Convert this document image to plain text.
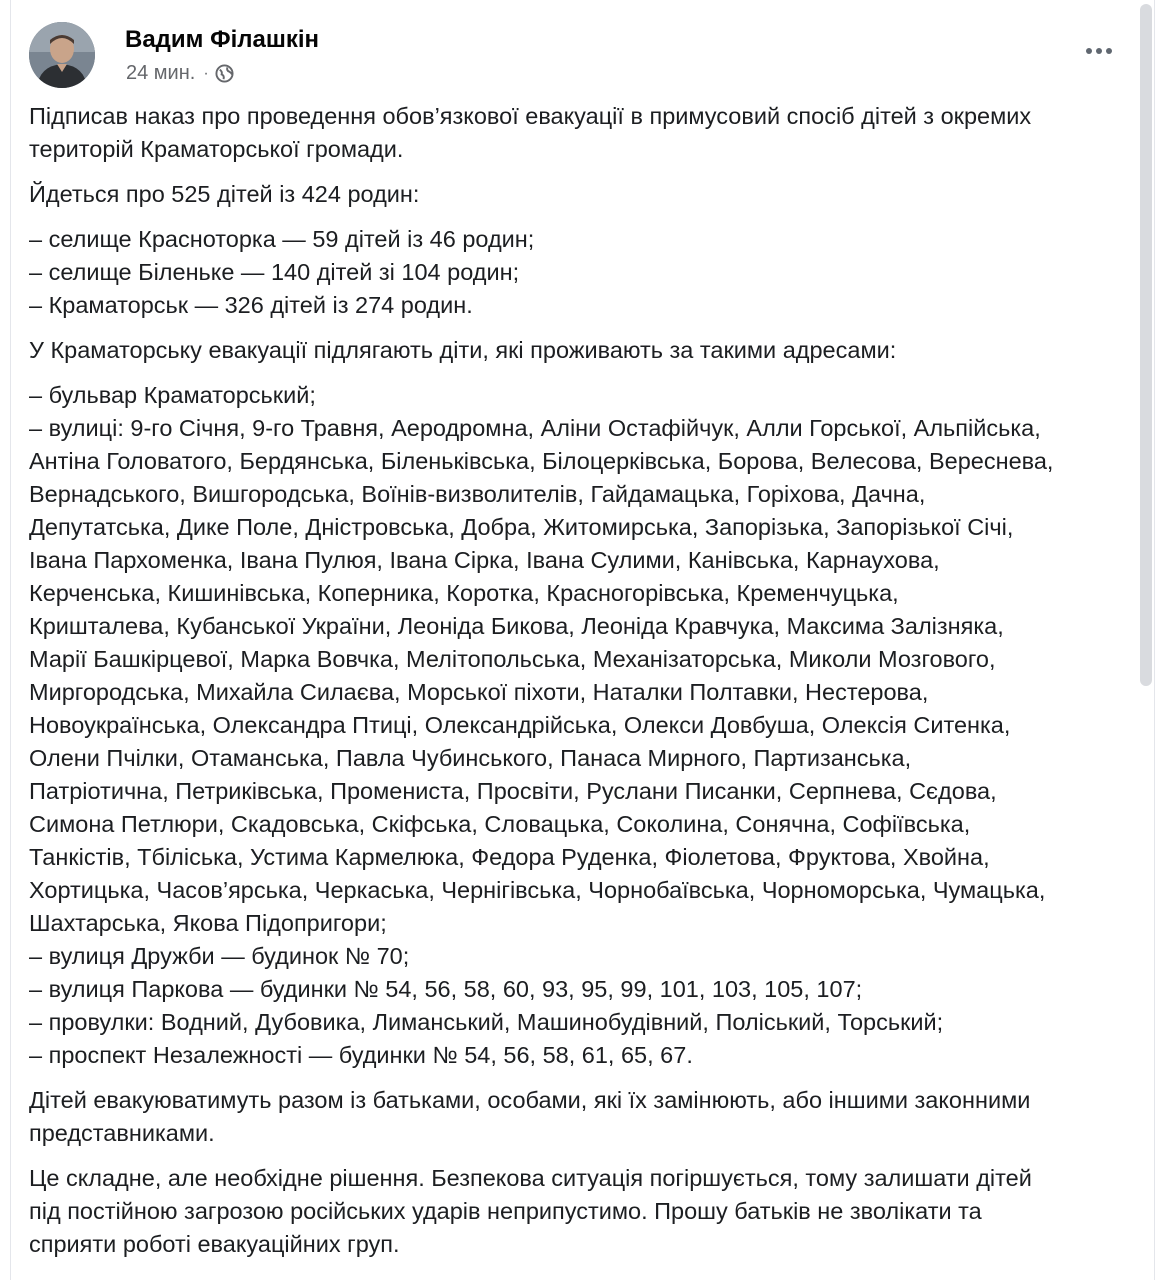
Вадим Філашкін
24 мин. ·
Підписав наказ про проведення обов’язкової евакуації в примусовий спосіб дітей з окремих територій Краматорської громади.
Йдеться про 525 дітей із 424 родин:
– селище Красноторка — 59 дітей із 46 родин;
– селище Біленьке — 140 дітей зі 104 родин;
– Краматорськ — 326 дітей із 274 родин.
У Краматорську евакуації підлягають діти, які проживають за такими адресами:
– бульвар Краматорський;
– вулиці: 9-го Січня, 9-го Травня, Аеродромна, Аліни Остафійчук, Алли Горської, Альпійська,
Антіна Головатого, Бердянська, Біленьківська, Білоцерківська, Борова, Велесова, Вереснева,
Вернадського, Вишгородська, Воїнів-визволителів, Гайдамацька, Горіхова, Дачна,
Депутатська, Дике Поле, Дністровська, Добра, Житомирська, Запорізька, Запорізької Січі,
Івана Пархоменка, Івана Пулюя, Івана Сірка, Івана Сулими, Канівська, Карнаухова,
Керченська, Кишинівська, Коперника, Коротка, Красногорівська, Кременчуцька,
Кришталева, Кубанської України, Леоніда Бикова, Леоніда Кравчука, Максима Залізняка,
Марії Башкірцевої, Марка Вовчка, Мелітопольська, Механізаторська, Миколи Мозгового,
Миргородська, Михайла Силаєва, Морської піхоти, Наталки Полтавки, Нестерова,
Новоукраїнська, Олександра Птиці, Олександрійська, Олекси Довбуша, Олексія Ситенка,
Олени Пчілки, Отаманська, Павла Чубинського, Панаса Мирного, Партизанська,
Патріотична, Петриківська, Промениста, Просвіти, Руслани Писанки, Серпнева, Сєдова,
Симона Петлюри, Скадовська, Скіфська, Словацька, Соколина, Сонячна, Софіївська,
Танкістів, Тбіліська, Устима Кармелюка, Федора Руденка, Фіолетова, Фруктова, Хвойна,
Хортицька, Часов’ярська, Черкаська, Чернігівська, Чорнобаївська, Чорноморська, Чумацька,
Шахтарська, Якова Підопригори;
– вулиця Дружби — будинок № 70;
– вулиця Паркова — будинки № 54, 56, 58, 60, 93, 95, 99, 101, 103, 105, 107;
– провулки: Водний, Дубовика, Лиманський, Машинобудівний, Поліський, Торський;
– проспект Незалежності — будинки № 54, 56, 58, 61, 65, 67.
Дітей евакуюватимуть разом із батьками, особами, які їх замінюють, або іншими законними
представниками.
Це складне, але необхідне рішення. Безпекова ситуація погіршується, тому залишати дітей
під постійною загрозою російських ударів неприпустимо. Прошу батьків не зволікати та
сприяти роботі евакуаційних груп.
